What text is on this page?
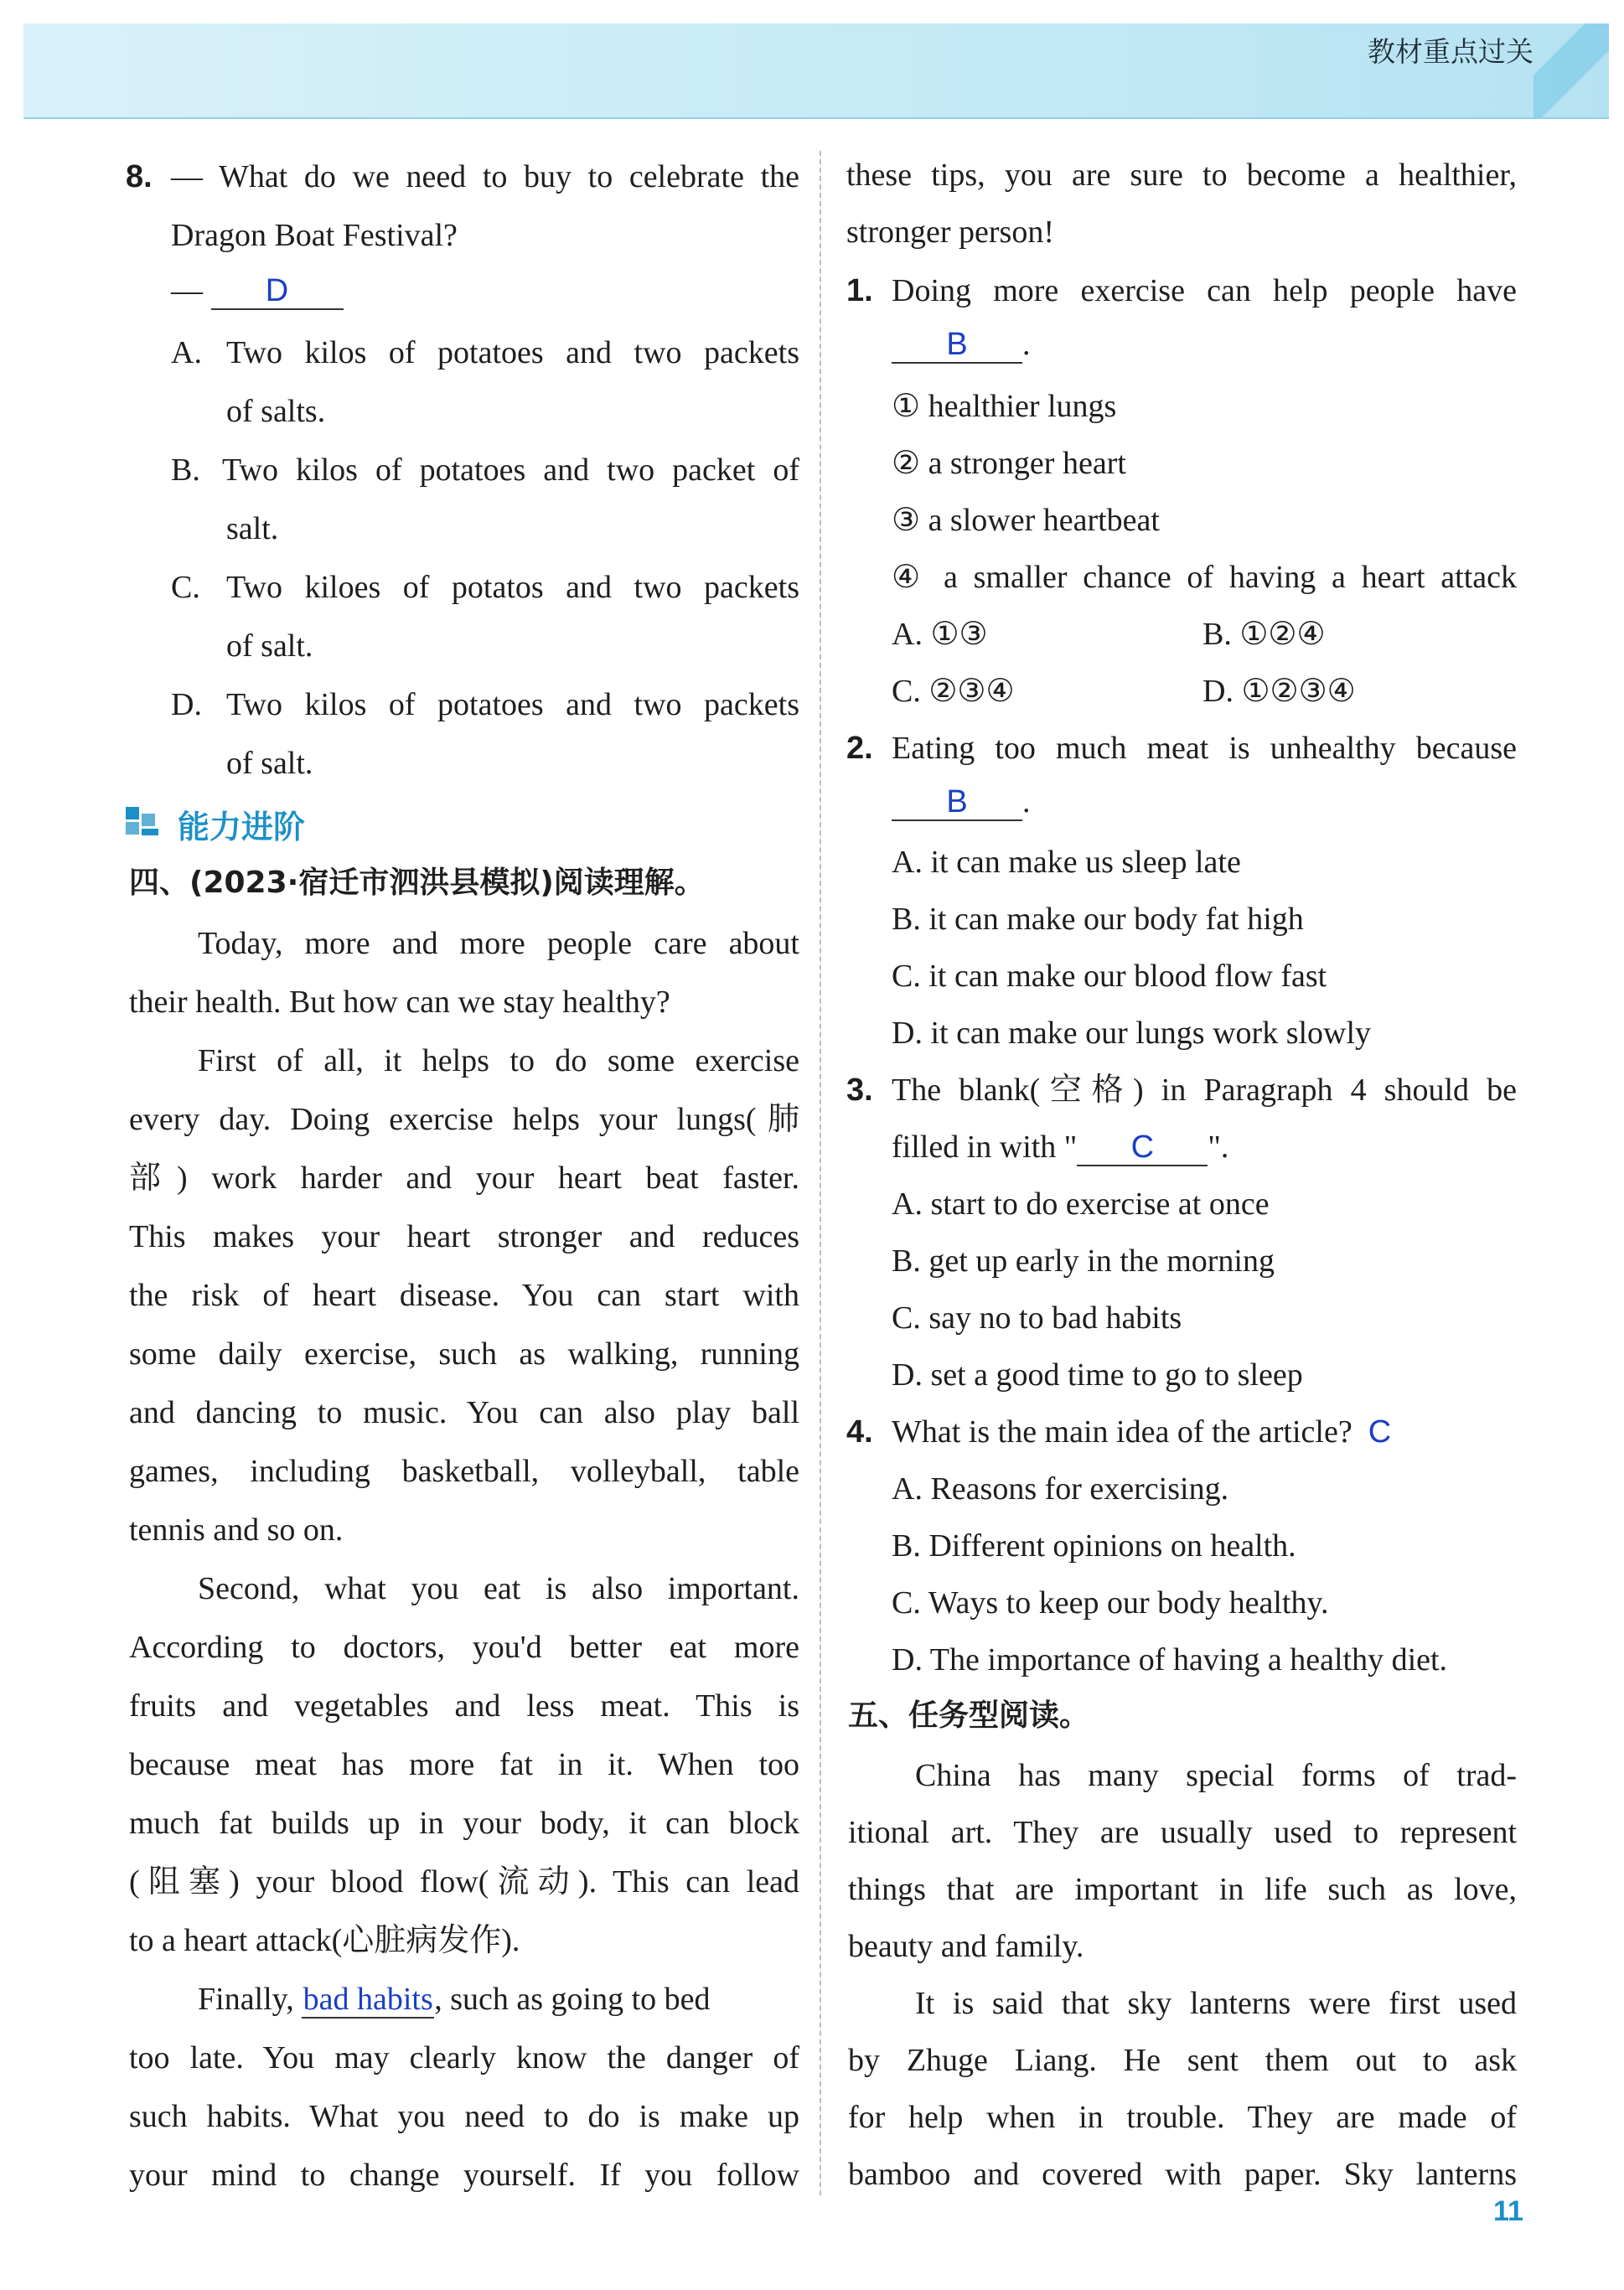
教材重点过关
8. — What do we need to buy to celebrate the
Dragon Boat Festival?
— D
A. Two kilos of potatoes and two packets
of salts.
B. Two kilos of potatoes and two packet of
salt.
C. Two kiloes of potatos and two packets
of salt.
D. Two kilos of potatoes and two packets
of salt.
能力进阶
四、(2023·宿迁市泗洪县模拟)阅读理解。
Today, more and more people care about
their health. But how can we stay healthy?
First of all, it helps to do some exercise
every day. Doing exercise helps your lungs(肺
部) work harder and your heart beat faster.
This makes your heart stronger and reduces
the risk of heart disease. You can start with
some daily exercise, such as walking, running
and dancing to music. You can also play ball
games, including basketball, volleyball, table
tennis and so on.
Second, what you eat is also important.
According to doctors, you'd better eat more
fruits and vegetables and less meat. This is
because meat has more fat in it. When too
much fat builds up in your body, it can block
(阻塞) your blood flow(流动). This can lead
to a heart attack(心脏病发作).
Finally, bad habits, such as going to bed
too late. You may clearly know the danger of
such habits. What you need to do is make up
your mind to change yourself. If you follow
these tips, you are sure to become a healthier,
stronger person!
1. Doing more exercise can help people have
B .
① healthier lungs
② a stronger heart
③ a slower heartbeat
④ a smaller chance of having a heart attack
A. ①③	B. ①②④
C. ②③④	D. ①②③④
2. Eating too much meat is unhealthy because
B .
A. it can make us sleep late
B. it can make our body fat high
C. it can make our blood flow fast
D. it can make our lungs work slowly
3. The blank(空格) in Paragraph 4 should be
filled in with " C ".
A. start to do exercise at once
B. get up early in the morning
C. say no to bad habits
D. set a good time to go to sleep
4. What is the main idea of the article? C
A. Reasons for exercising.
B. Different opinions on health.
C. Ways to keep our body healthy.
D. The importance of having a healthy diet.
五、任务型阅读。
China has many special forms of trad-
itional art. They are usually used to represent
things that are important in life such as love,
beauty and family.
It is said that sky lanterns were first used
by Zhuge Liang. He sent them out to ask
for help when in trouble. They are made of
bamboo and covered with paper. Sky lanterns
11
